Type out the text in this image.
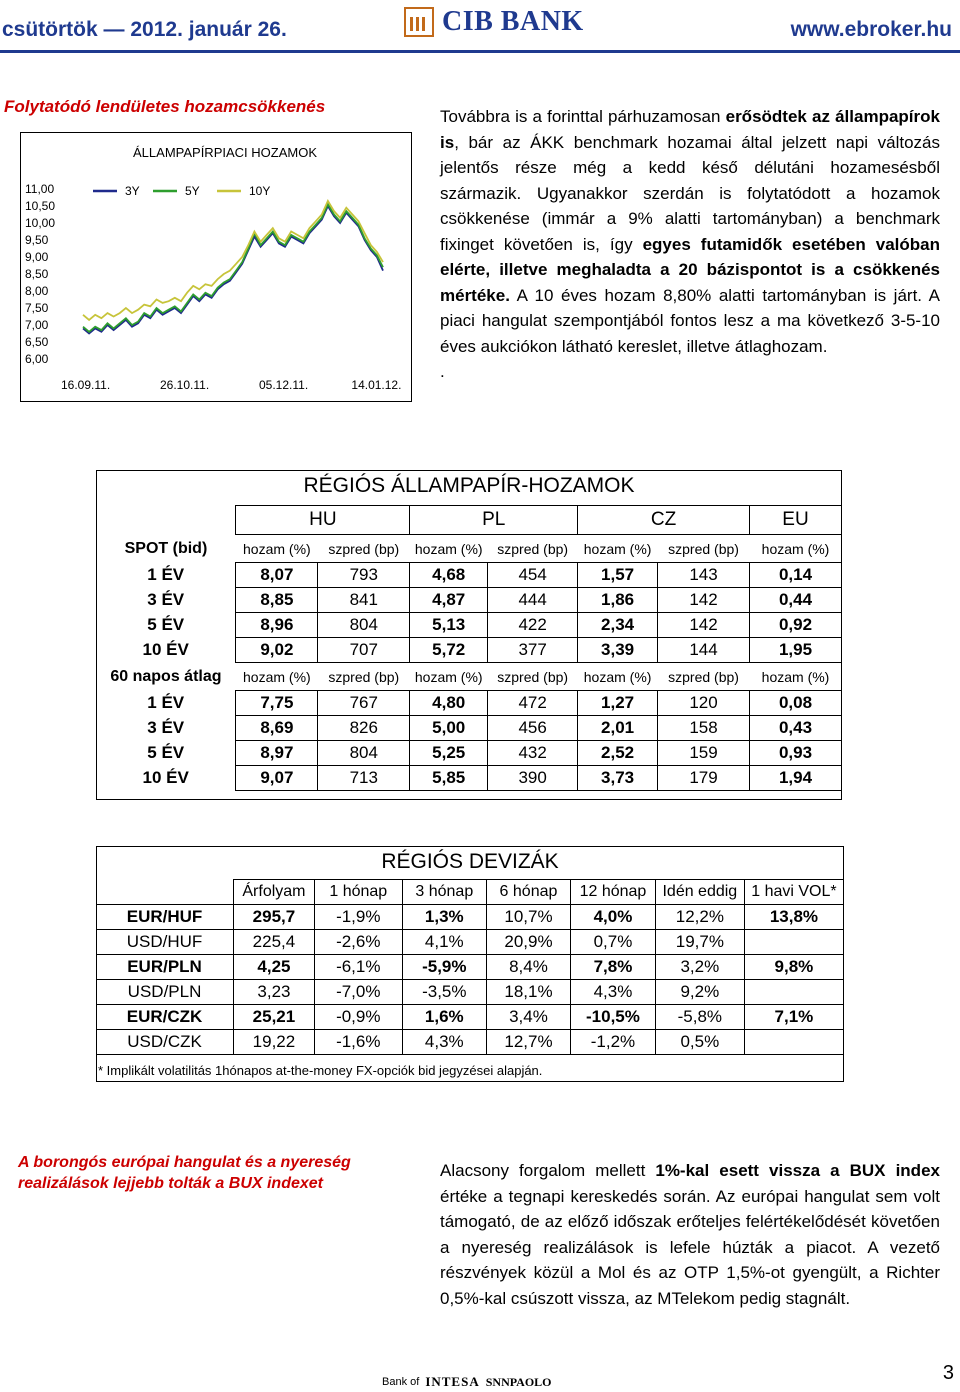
csütörtök — 2012. január 26.	CIB BANK	www.ebroker.hu
Folytatódó lendületes hozamcsökkenés
ÁLLAMPAPÍRPIACI HOZAMOK
3Y	5Y	10Y
11,00
10,50
10,00
9,50
9,00
8,50
8,00
7,50
7,00
6,50
6,00
16.09.11.	26.10.11.	05.12.11.	14.01.12.
Továbbra is a forinttal párhuzamosan erősödtek az állampapírok is, bár az ÁKK benchmark hozamai által jelzett napi változás jelentős része még a kedd késő délutáni hozamesésből származik. Ugyanakkor szerdán is folytatódott a hozamok csökkenése (immár a 9% alatti tartományban) a benchmark fixinget követően is, így egyes futamidők esetében valóban elérte, illetve meghaladta a 20 bázispontot is a csökkenés mértéke. A 10 éves hozam 8,80% alatti tartományban is járt. A piaci hangulat szempontjából fontos lesz a ma következő 3-5-10 éves aukciókon látható kereslet, illetve átlaghozam.
.
RÉGIÓS ÁLLAMPAPÍR-HOZAMOK
	HU		PL		CZ		EU
SPOT (bid)	hozam (%)	szpred (bp)	hozam (%)	szpred (bp)	hozam (%)	szpred (bp)	hozam (%)
1 ÉV	8,07	793	4,68	454	1,57	143	0,14
3 ÉV	8,85	841	4,87	444	1,86	142	0,44
5 ÉV	8,96	804	5,13	422	2,34	142	0,92
10 ÉV	9,02	707	5,72	377	3,39	144	1,95
60 napos átlag	hozam (%)	szpred (bp)	hozam (%)	szpred (bp)	hozam (%)	szpred (bp)	hozam (%)
1 ÉV	7,75	767	4,80	472	1,27	120	0,08
3 ÉV	8,69	826	5,00	456	2,01	158	0,43
5 ÉV	8,97	804	5,25	432	2,52	159	0,93
10 ÉV	9,07	713	5,85	390	3,73	179	1,94
RÉGIÓS DEVIZÁK
	Árfolyam	1 hónap	3 hónap	6 hónap	12 hónap	Idén eddig	1 havi VOL*
EUR/HUF	295,7	-1,9%	1,3%	10,7%	4,0%	12,2%	13,8%
USD/HUF	225,4	-2,6%	4,1%	20,9%	0,7%	19,7%	
EUR/PLN	4,25	-6,1%	-5,9%	8,4%	7,8%	3,2%	9,8%
USD/PLN	3,23	-7,0%	-3,5%	18,1%	4,3%	9,2%	
EUR/CZK	25,21	-0,9%	1,6%	3,4%	-10,5%	-5,8%	7,1%
USD/CZK	19,22	-1,6%	4,3%	12,7%	-1,2%	0,5%	
* Implikált volatilitás 1hónapos at-the-money FX-opciók bid jegyzései alapján.
A borongós európai hangulat és a nyereség realizálások lejjebb tolták a BUX indexet
Alacsony forgalom mellett 1%-kal esett vissza a BUX index értéke a tegnapi kereskedés során. Az európai hangulat sem volt támogató, de az előző időszak erőteljes felértékelődését követően a nyereség realizálások is lefele húzták a piacot. A vezető részvények közül a Mol és az OTP 1,5%-ot gyengült, a Richter 0,5%-kal csúszott vissza, az MTelekom pedig stagnált.
Bank of INTESA SNNPAOLO	3
